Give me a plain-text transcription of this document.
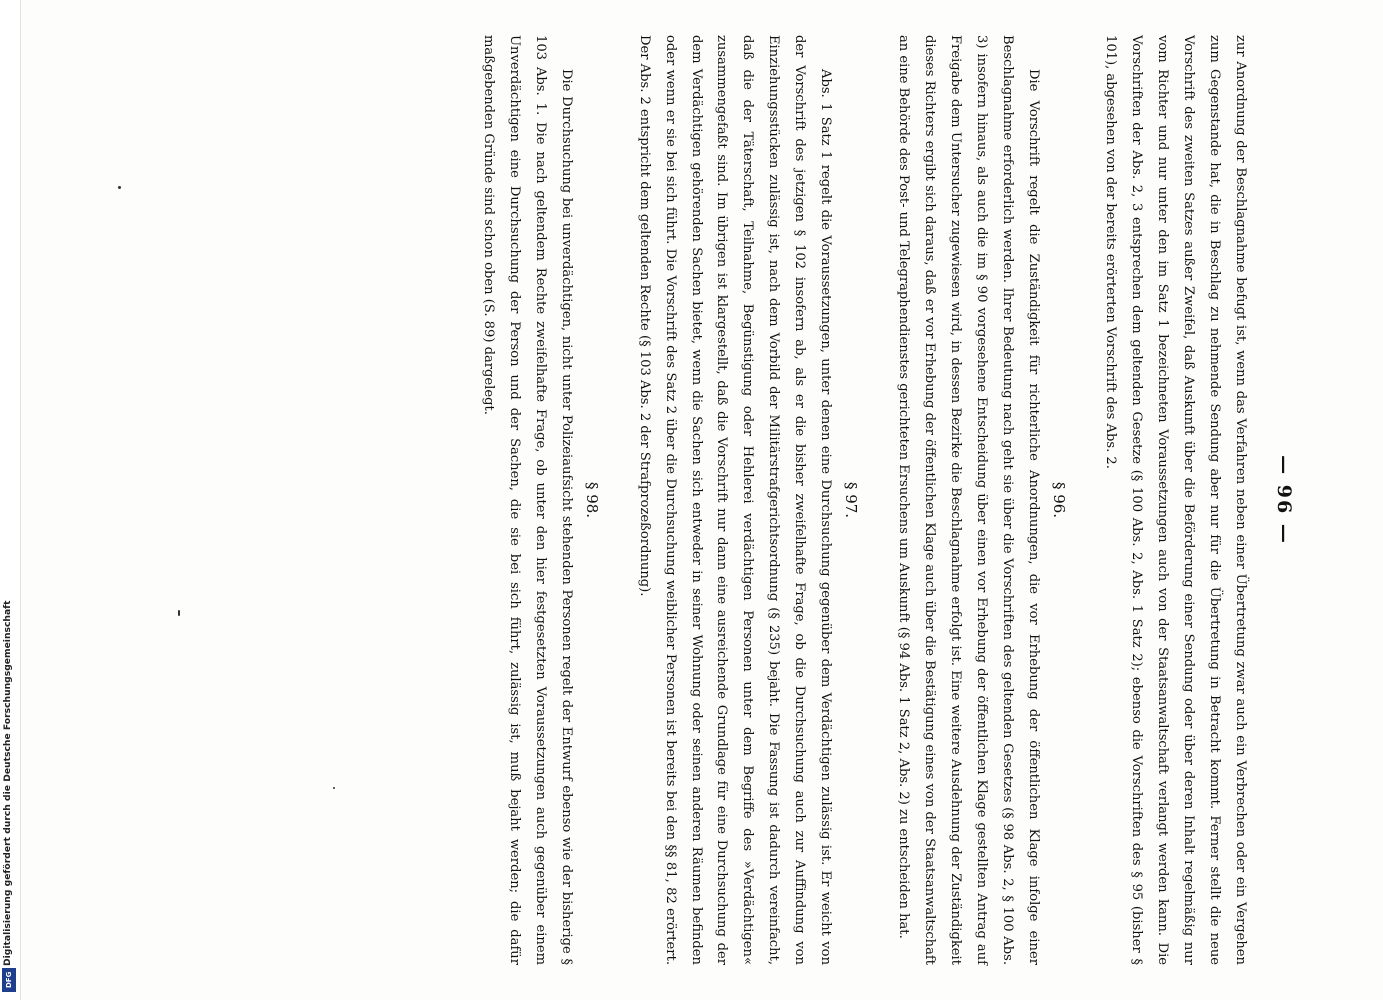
Digitalisierung gefördert durch die Deutsche Forschungsgemeinschaft
DFG
— 96 —

zur Anordnung der Beschlagnahme befugt ist, wenn das Verfahren neben einer Übertretung zwar auch ein Verbrechen oder ein Vergehen zum Gegenstande hat, die in Beschlag zu nehmende Sendung aber nur für die Übertretung in Betracht kommt. Ferner stellt die neue Vorschrift des zweiten Satzes außer Zweifel, daß Auskunft über die Beförderung einer Sendung oder über deren Inhalt regelmäßig nur vom Richter und nur unter den im Satz 1 bezeichneten Voraussetzungen auch von der Staatsanwaltschaft verlangt werden kann. Die Vorschriften der Abs. 2, 3 entsprechen dem geltenden Gesetze (§ 100 Abs. 2, Abs. 1 Satz 2); ebenso die Vorschriften des § 95 (bisher § 101), abgesehen von der bereits erörterten Vorschrift des Abs. 2.

§ 96.

Die Vorschrift regelt die Zuständigkeit für richterliche Anordnungen, die vor Erhebung der öffentlichen Klage infolge einer Beschlagnahme erforderlich werden. Ihrer Bedeutung nach geht sie über die Vorschriften des geltenden Gesetzes (§ 98 Abs. 2, § 100 Abs. 3) insofern hinaus, als auch die im § 90 vorgesehene Entscheidung über einen vor Erhebung der öffentlichen Klage gestellten Antrag auf Freigabe dem Untersucher zugewiesen wird, in dessen Bezirke die Beschlagnahme erfolgt ist. Eine weitere Ausdehnung der Zuständigkeit dieses Richters ergibt sich daraus, daß er vor Erhebung der öffentlichen Klage auch über die Bestätigung eines von der Staatsanwaltschaft an eine Behörde des Post- und Telegraphendienstes gerichteten Ersuchens um Auskunft (§ 94 Abs. 1 Satz 2, Abs. 2) zu entscheiden hat.

§ 97.

Abs. 1 Satz 1 regelt die Voraussetzungen, unter denen eine Durchsuchung gegenüber dem Verdächtigen zulässig ist. Er weicht von der Vorschrift des jetzigen § 102 insofern ab, als er die bisher zweifelhafte Frage, ob die Durchsuchung auch zur Auffindung von Einziehungsstücken zulässig ist, nach dem Vorbild der Militärstrafgerichtsordnung (§ 235) bejaht. Die Fassung ist dadurch vereinfacht, daß die der Täterschaft, Teilnahme, Begünstigung oder Hehlerei verdächtigen Personen unter dem Begriffe des »Verdächtigen« zusammengefaßt sind. Im übrigen ist klargestellt, daß die Vorschrift nur dann eine ausreichende Grundlage für eine Durchsuchung der dem Verdächtigen gehörenden Sachen bietet, wenn die Sachen sich entweder in seiner Wohnung oder seinen anderen Räumen befinden oder wenn er sie bei sich führt. Die Vorschrift des Satz 2 über die Durchsuchung weiblicher Personen ist bereits bei den §§ 81, 82 erörtert. Der Abs. 2 entspricht dem geltenden Rechte (§ 103 Abs. 2 der Strafprozeßordnung).

§ 98.

Die Durchsuchung bei unverdächtigen, nicht unter Polizeiaufsicht stehenden Personen regelt der Entwurf ebenso wie der bisherige § 103 Abs. 1. Die nach geltendem Rechte zweifelhafte Frage, ob unter den hier festgesetzten Voraussetzungen auch gegenüber einem Unverdächtigen eine Durchsuchung der Person und der Sachen, die sie bei sich führt, zulässig ist, muß bejaht werden; die dafür maßgebenden Gründe sind schon oben (S. 89) dargelegt.
